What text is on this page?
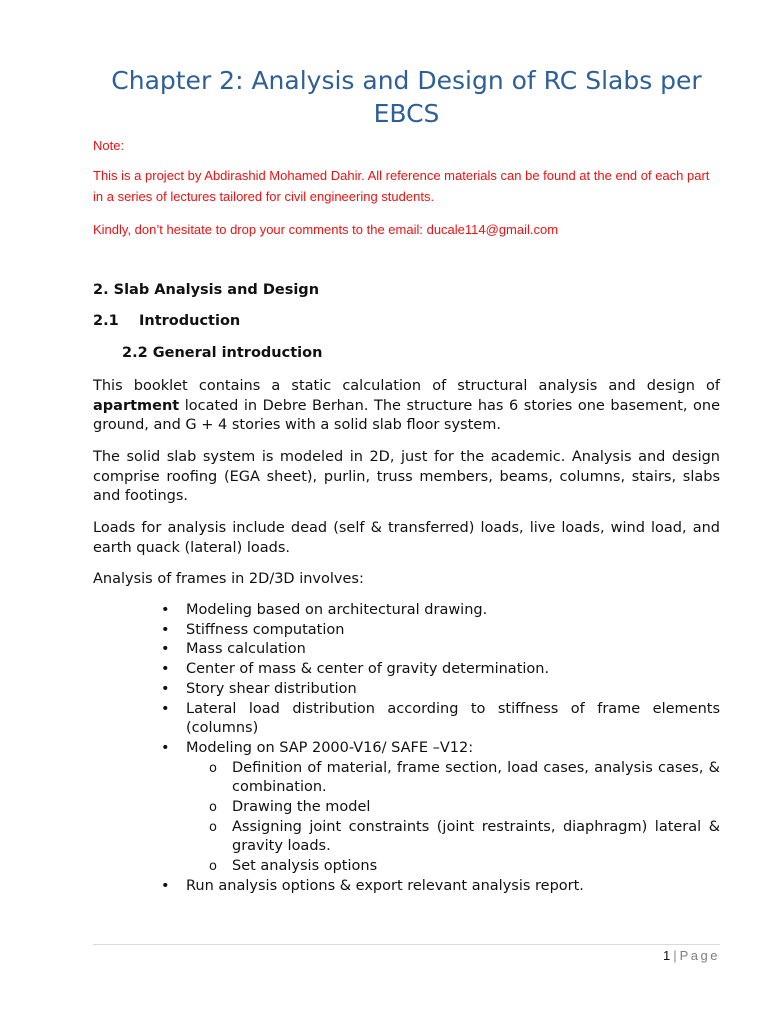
Chapter 2: Analysis and Design of RC Slabs per EBCS

Note:

This is a project by Abdirashid Mohamed Dahir. All reference materials can be found at the end of each part in a series of lectures tailored for civil engineering students.

Kindly, don’t hesitate to drop your comments to the email: ducale114@gmail.com

2. Slab Analysis and Design
2.1 Introduction
2.2 General introduction

This booklet contains a static calculation of structural analysis and design of apartment located in Debre Berhan. The structure has 6 stories one basement, one ground, and G + 4 stories with a solid slab floor system.

The solid slab system is modeled in 2D, just for the academic. Analysis and design comprise roofing (EGA sheet), purlin, truss members, beams, columns, stairs, slabs and footings.

Loads for analysis include dead (self & transferred) loads, live loads, wind load, and earth quack (lateral) loads.

Analysis of frames in 2D/3D involves:

• Modeling based on architectural drawing.
• Stiffness computation
• Mass calculation
• Center of mass & center of gravity determination.
• Story shear distribution
• Lateral load distribution according to stiffness of frame elements (columns)
• Modeling on SAP 2000-V16/ SAFE –V12:
o Definition of material, frame section, load cases, analysis cases, & combination.
o Drawing the model
o Assigning joint constraints (joint restraints, diaphragm) lateral & gravity loads.
o Set analysis options
• Run analysis options & export relevant analysis report.
1 | Page
